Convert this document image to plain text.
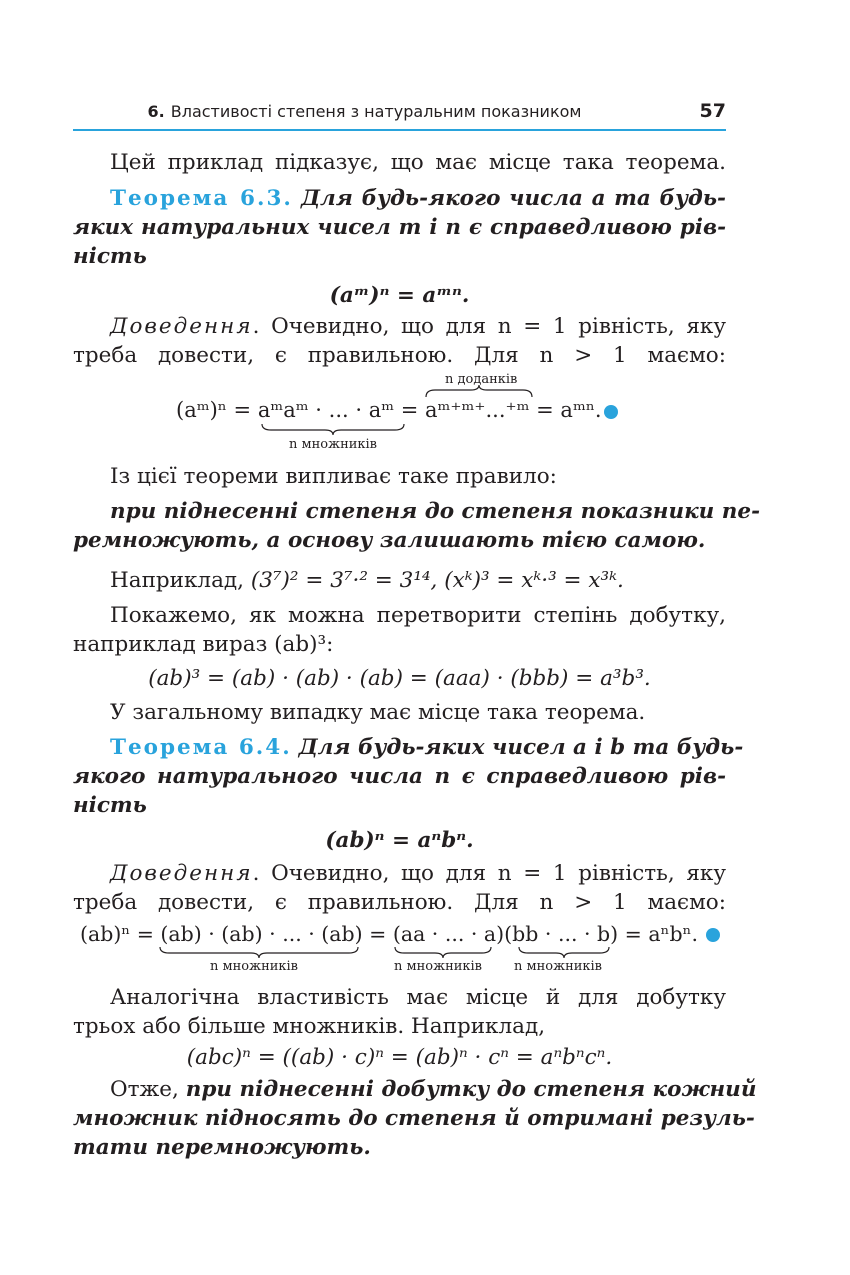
6. Властивості степеня з натуральним показником	57
Цей приклад підказує, що має місце така теорема.
Теорема 6.3. Для будь-якого числа a та будь-
яких натуральних чисел m і n є справедливою рів-
ність
(aᵐ)ⁿ = aᵐⁿ.
Доведення. Очевидно, що для n = 1 рівність, яку
треба довести, є правильною. Для n > 1 маємо:
n доданків
(aᵐ)ⁿ = aᵐaᵐ · ... · aᵐ = aᵐ⁺ᵐ⁺...⁺ᵐ = aᵐⁿ.
n множників
Із цієї теореми випливає таке правило:
при піднесенні степеня до степеня показники пе-
ремножують, а основу залишають тією самою.
Наприклад, (3⁷)² = 3⁷·² = 3¹⁴, (xᵏ)³ = xᵏ·³ = x³ᵏ.
Покажемо, як можна перетворити степінь добутку,
наприклад вираз (ab)³:
(ab)³ = (ab) · (ab) · (ab) = (aaa) · (bbb) = a³b³.
У загальному випадку має місце така теорема.
Теорема 6.4. Для будь-яких чисел a і b та будь-
якого натурального числа n є справедливою рів-
ність
(ab)ⁿ = aⁿbⁿ.
Доведення. Очевидно, що для n = 1 рівність, яку
треба довести, є правильною. Для n > 1 маємо:
(ab)ⁿ = (ab) · (ab) · ... · (ab) = (aa · ... · a)(bb · ... · b) = aⁿbⁿ.
n множників	n множників n множників
Аналогічна властивість має місце й для добутку
трьох або більше множників. Наприклад,
(abc)ⁿ = ((ab) · c)ⁿ = (ab)ⁿ · cⁿ = aⁿbⁿcⁿ.
Отже, при піднесенні добутку до степеня кожний
множник підносять до степеня й отримані резуль-
тати перемножують.
